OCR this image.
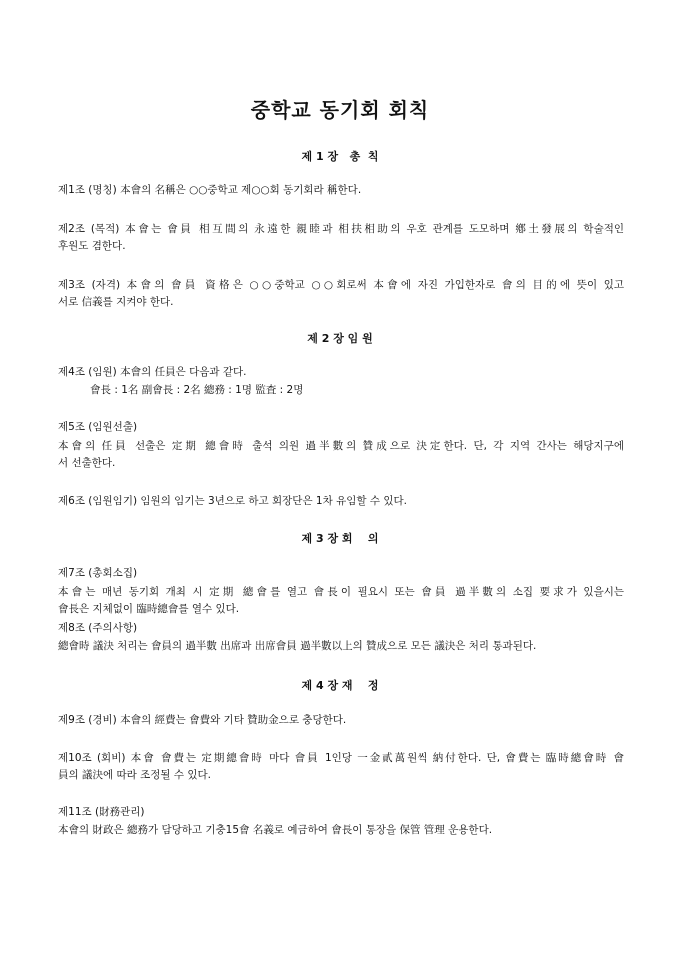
중학교 동기회 회칙
제 1 장   총  칙
제1조 (명칭) 本會의 名稱은 ○○중학교 제○○회 동기회라 稱한다.
제2조 (목적) 本會는 會員 相互間의 永遠한 親睦과 相扶相助의 우호 관계를 도모하며 鄕土發展의 학술적인
후원도 겸한다.
제3조 (자격) 本會의 會員 資格은 ○○중학교 ○○회로써 本會에 자진 가입한자로 會의 目的에 뜻이 있고
서로 信義를 지켜야 한다.
제 2 장 임 원
제4조 (임원) 本會의 任員은 다음과 같다.
會長 : 1名 副會長 : 2名 總務 : 1명 監査 : 2명
제5조 (임원선출)
本會의 任員 선출은 定期 總會時 출석 의원 過半數의 贊成으로 決定한다. 단, 각 지역 간사는 해당지구에
서 선출한다.
제6조 (임원임기) 임원의 임기는 3년으로 하고 회장단은 1차 유임할 수 있다.
제 3 장 회    의
제7조 (총회소집)
本會는 매년 동기회 개최 시 定期 總會를 열고 會長이 필요시 또는 會員 過半數의 소집 要求가 있을시는
會長은 지체없이 臨時總會를 열수 있다.
제8조 (주의사항)
總會時 議決 처리는 會員의 過半數 出席과 出席會員 過半數以上의 贊成으로 모든 議決은 처리 통과된다.
제 4 장 재    정
제9조 (경비) 本會의 經費는 會費와 기타 贊助金으로 충당한다.
제10조 (회비) 本會 會費는 定期總會時 마다 會員 1인당 一金貳萬원씩 納付한다. 단, 會費는 臨時總會時 會
員의 議決에 따라 조정될 수 있다.
제11조 (財務관리)
本會의 財政은 總務가 담당하고 기충15會 名義로 예금하여 會長이 통장을 保管 管理 운용한다.
